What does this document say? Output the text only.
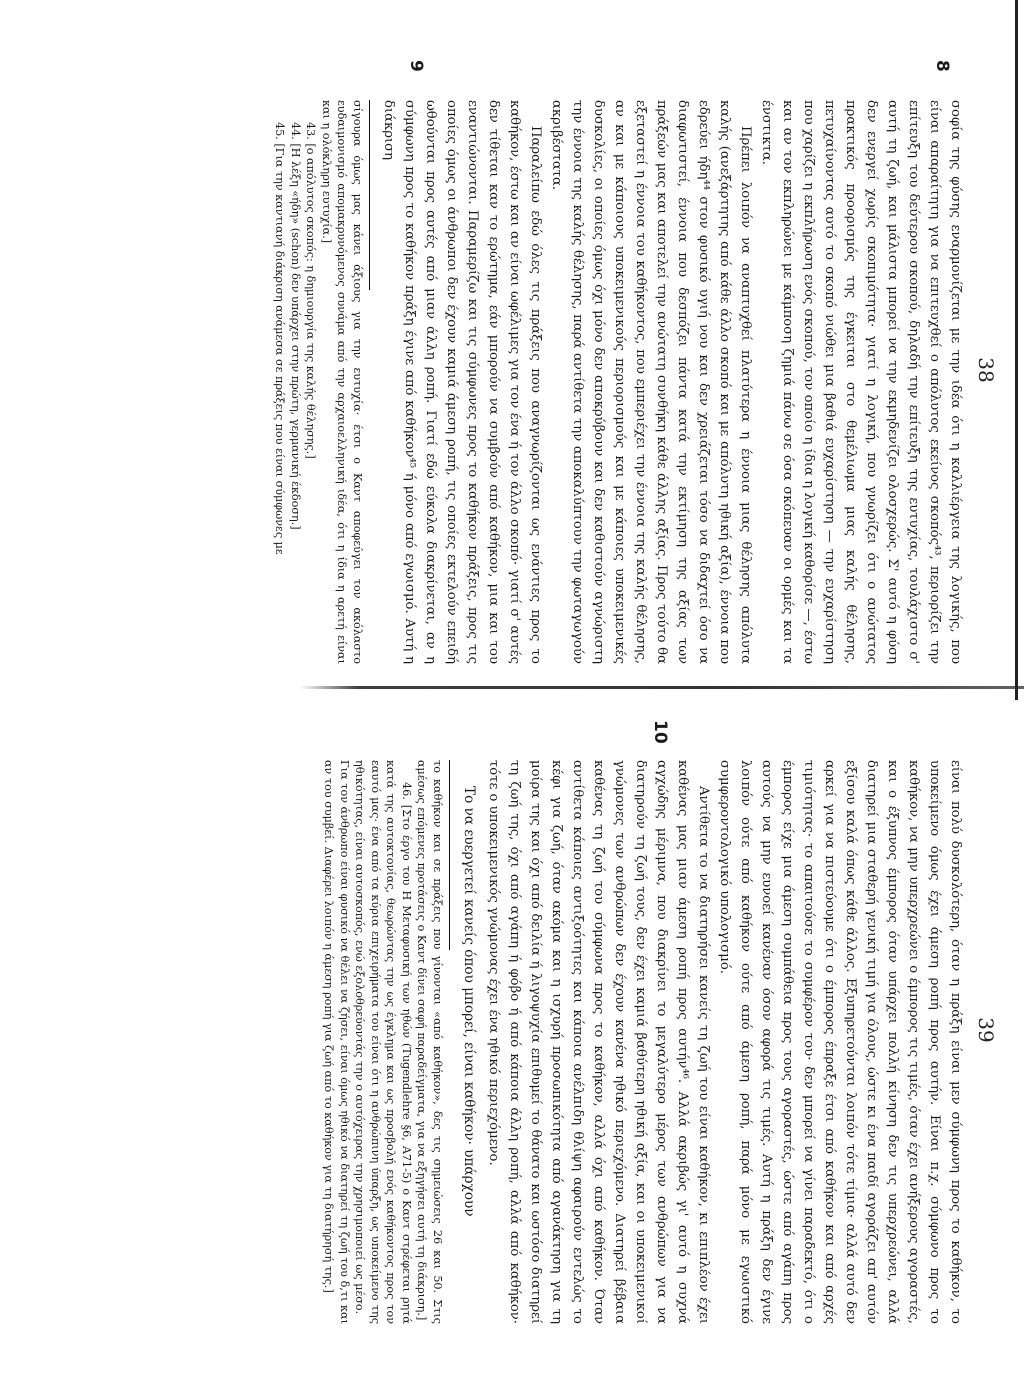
38
8
9

σοφία της φύσης εναρμονίζεται με την ιδέα ότι η καλλιέργεια της λογικής, που είναι απαραίτητη για να επιτευχθεί ο απόλυτος εκείνος σκοπός⁴³, περιορίζει την επίτευξη του δεύτερου σκοπού, δηλαδή την επίτευξη της ευτυχίας, τουλάχιστο σ' αυτή τη ζωή, και μάλιστα μπορεί να την εκμηδενίζει ολοσχερώς. Σ' αυτό η φύση δεν ενεργεί χωρίς σκοπιμότητα· γιατί η λογική, που γνωρίζει ότι ο ανώτατος πρακτικός προορισμός της έγκειται στο θεμέλιωμα μιας καλής θέλησης, πετυχαίνοντας αυτό το σκοπό νιώθει μια βαθιά ευχαρίστηση — την ευχαρίστηση που χαρίζει η εκπλήρωση ενός σκοπού, τον οποίο η ίδια η λογική καθορίσε —, έστω και αν τον εκπληρώνει με κάμποση ζημιά πάνω σε όσα σκόπευαν οι ορμές και τα ένστικτα.

Πρέπει λοιπόν να αναπτυχθεί πλατύτερα η έννοια μιας θέλησης απόλυτα καλής (ανεξάρτητης από κάθε άλλο σκοπό και με απόλυτη ηθική αξία), έννοια που εδρεύει ήδη⁴⁴ στον φυσικό υγιή νου και δεν χρειάζεται τόσο να διδαχτεί όσο να διαφωτιστεί, έννοια που δεσπόζει πάντα κατά την εκτίμηση της αξίας των πράξεών μας και αποτελεί την ανώτατη συνθήκη κάθε άλλης αξίας. Προς τούτο θα εξεταστεί η έννοια του καθήκοντος, που εμπεριέχει την έννοια της καλής θέλησης, αν και με κάποιους υποκειμενικούς περιορισμούς και με κάποιες υποκειμενικές δυσκολίες, οι οποίες όμως όχι μόνο δεν αποκρύβουν και δεν καθιστούν αγνώριστη την έννοια της καλής θέλησης, παρά αντίθετα την αποκαλύπτουν την φωταγωγούν ακριβέστατα.

Παραλείπω εδώ όλες τις πράξεις που αναγνωρίζονται ως ενάντιες προς το καθήκον, έστω και αν είναι ωφέλιμες για τον ένα ή τον άλλο σκοπό· γιατί σ' αυτές δεν τίθεται καν το ερώτημα, εάν μπορούν να συμβούν από καθήκον, μια και του εναντιώνονται. Παραμερίζω και τις σύμφωνες προς το καθήκον πράξεις, προς τις οποίες όμως οι άνθρωποι δεν έχουν καμιά άμεση ροπή, τις οποίες εκτελούν επειδή ωθούνται προς αυτές από μιαν άλλη ροπή. Γιατί εδώ εύκολα διακρίνεται, αν η σύμφωνη προς το καθήκον πράξη έγινε από καθήκον⁴⁵ ή μόνο από εγωισμό. Αυτή η διάκριση

σίγουρα όμως μας κάνει άξιους για την ευτυχία· έτσι ο Καντ αποφεύγει τον ακόλαστο ευδαιμονισμό απομακρυνόμενος συνάμα από την αρχαιοελληνική ιδέα, ότι η ίδια η αρετή είναι και η ολόκληρη ευτυχία.]

43. [ο απόλυτος σκοπός: η δημιουργία της καλής θέλησης.]

44. [Η λέξη «ήδη» (schon) δεν υπάρχει στην πρώτη, γερμανική έκδοση.]

45. [Για την καντιανή διάκριση ανάμεσα σε πράξεις που είναι σύμφωνες με

39
10

είναι πολύ δυσκολότερη, όταν η πράξη είναι μεν σύμφωνη προς το καθήκον, το υποκείμενο όμως έχει άμεση ροπή προς αυτήν. Είναι π.χ. σύμφωνο προς το καθήκον, να μην υπερχρεώνει ο έμπορος τις τιμές, όταν έχει ανήξερους αγοραστές, και ο έξυπνος έμπορος όταν υπάρχει πολλή κίνηση δεν τις υπερχρεώνει, αλλά διατηρεί μια σταθερή γενική τιμή για όλους, ώστε κι ένα παιδί αγοράζει απ' αυτόν εξίσου καλά όπως κάθε άλλος. Εξυπηρετούνται λοιπόν τότε τίμια· αλλά αυτό δεν αρκεί για να πιστεύουμε ότι ο έμπορος έπραξε έτσι από καθήκον και από αρχές τιμιότητας· το απαιτούσε το συμφέρον του· δεν μπορεί να γίνει παραδεκτό, ότι ο έμπορος είχε μια άμεση συμπάθεια προς τους αγοραστές, ώστε από αγάπη προς αυτούς να μην ευνοεί κανέναν όσον αφορά τις τιμές. Αυτή η πράξη δεν έγινε λοιπόν ούτε από καθήκον ούτε από άμεση ροπή, παρά μόνο με εγωιστικό συμφεροντολογικό υπολογισμό.

Αντίθετα το να διατηρήσει κανείς τη ζωή του είναι καθήκον, κι επιπλέον έχει καθένας μας μιαν άμεση ροπή προς αυτήν⁴⁶. Αλλά ακριβώς γι' αυτό η συχνά αγχώδης μέριμνα, που διακρίνει το μεγαλύτερο μέρος των ανθρώπων για να διατηρούν τη ζωή τους, δεν έχει καμιά βαθύτερη ηθική αξία, και οι υποκειμενικοί γνώμονες των ανθρώπων δεν έχουν κανένα ηθικό περιεχόμενο. Διατηρεί βέβαια καθένας τη ζωή του σύμφωνα προς το καθήκον, αλλά όχι από καθήκον. Όταν αντίθετα κάποιες αντιξοότητες και κάποια ανέλπιδη θλίψη αφαιρούν εντελώς το κέφι για ζωή, όταν ακόμα και η ισχυρή προσωπικότητα από αγανάκτηση για τη μοίρα της και όχι από δειλία ή λιγοψυχία επιθυμεί το θάνατο και ωστόσο διατηρεί τη ζωή της, όχι από αγάπη ή φόβο ή από κάποια άλλη ροπή, αλλά από καθήκον· τότε ο υποκειμενικός γνώμονας έχει ένα ηθικό περιεχόμενο.

Το να ευεργετεί κανείς όπου μπορεί, είναι καθήκον· υπάρχουν

το καθήκον και σε πράξεις που γίνονται «από καθήκον», δες τις σημειώσεις 26 και 50. Στις αμέσως επόμενες προτάσεις ο Καντ δίνει σαφή παραδείγματα, για να εξηγήσει αυτή τη διάκριση.]

46. [Στο έργο του Η Μεταφυσική των ηθών (Tugendlehre §6, A71-5) ο Καντ στρέφεται ρητά κατά της αυτοκτονίας, θεωρώντας την ως έγκλημα και ως προσβολή ενός καθήκοντος προς τον εαυτό μας· ένα από τα κύρια επιχειρήματα του είναι ότι η ανθρώπινη ύπαρξη, ως υποκείμενο της ηθικότητας, είναι αυτοσκοπός, ενώ εξολοθρεύοντάς την ο αυτόχειρας την χρησιμοποιεί ως μέσο.

Για τον άνθρωπο είναι φυσικό να θέλει να ζήσει, είναι όμως ηθικό να διατηρεί τη ζωή του δ,τι και αν του συμβεί. Διαφέρει λοιπόν η άμεση ροπή για ζωή από το καθήκον για τη διατήρησή της.]
